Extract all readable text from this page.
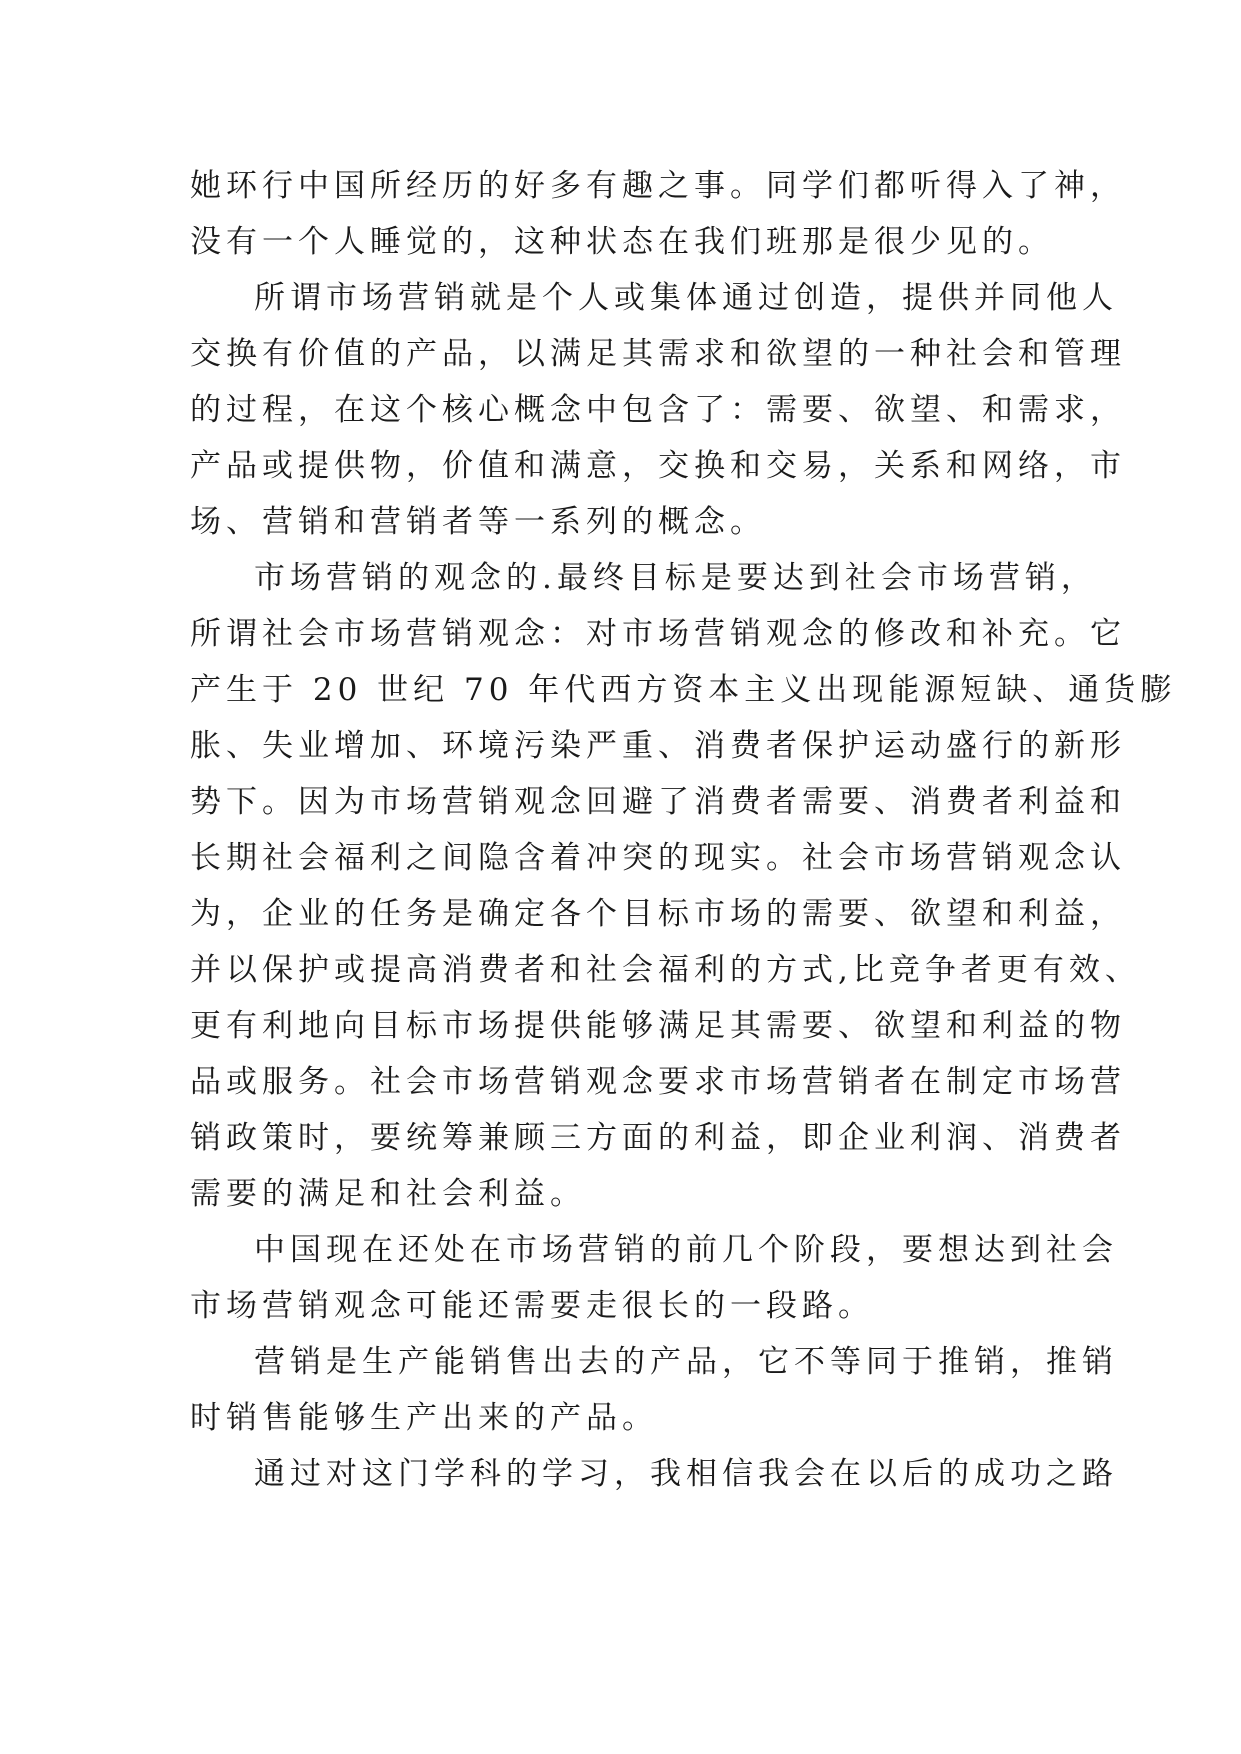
她环行中国所经历的好多有趣之事。同学们都听得入了神，
没有一个人睡觉的，这种状态在我们班那是很少见的。
所谓市场营销就是个人或集体通过创造，提供并同他人
交换有价值的产品，以满足其需求和欲望的一种社会和管理
的过程，在这个核心概念中包含了：需要、欲望、和需求，
产品或提供物，价值和满意，交换和交易，关系和网络，市
场、营销和营销者等一系列的概念。
市场营销的观念的.最终目标是要达到社会市场营销，
所谓社会市场营销观念：对市场营销观念的修改和补充。它
产生于 20 世纪 70 年代西方资本主义出现能源短缺、通货膨
胀、失业增加、环境污染严重、消费者保护运动盛行的新形
势下。因为市场营销观念回避了消费者需要、消费者利益和
长期社会福利之间隐含着冲突的现实。社会市场营销观念认
为，企业的任务是确定各个目标市场的需要、欲望和利益，
并以保护或提高消费者和社会福利的方式,比竞争者更有效、
更有利地向目标市场提供能够满足其需要、欲望和利益的物
品或服务。社会市场营销观念要求市场营销者在制定市场营
销政策时，要统筹兼顾三方面的利益，即企业利润、消费者
需要的满足和社会利益。
中国现在还处在市场营销的前几个阶段，要想达到社会
市场营销观念可能还需要走很长的一段路。
营销是生产能销售出去的产品，它不等同于推销，推销
时销售能够生产出来的产品。
通过对这门学科的学习，我相信我会在以后的成功之路
